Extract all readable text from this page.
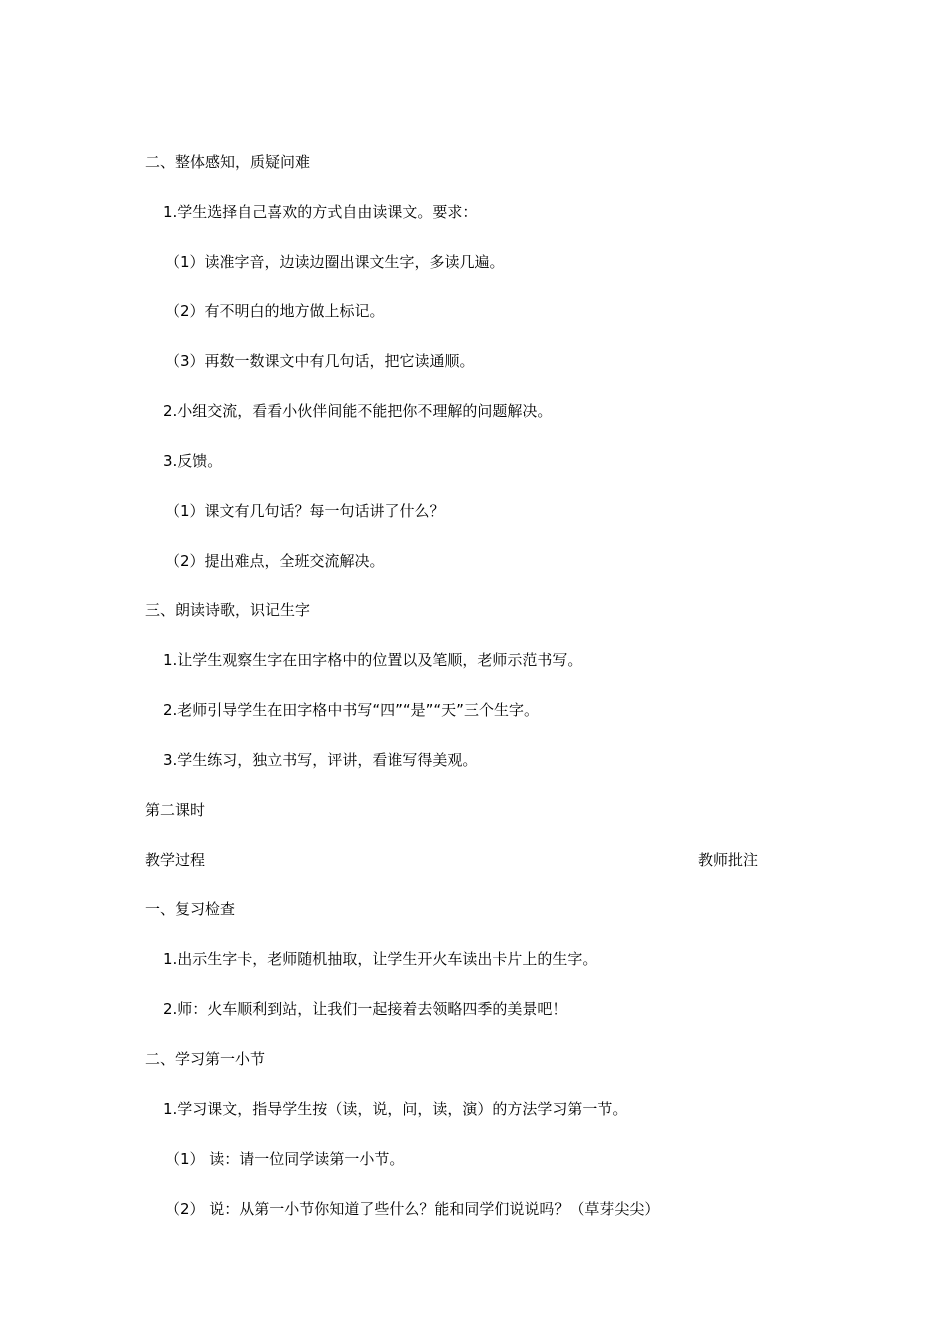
二、整体感知，质疑问难
1.学生选择自己喜欢的方式自由读课文。要求：
（1）读准字音，边读边圈出课文生字，多读几遍。
（2）有不明白的地方做上标记。
（3）再数一数课文中有几句话，把它读通顺。
2.小组交流，看看小伙伴间能不能把你不理解的问题解决。
3.反馈。
（1）课文有几句话？每一句话讲了什么？
（2）提出难点，全班交流解决。
三、朗读诗歌，识记生字
1.让学生观察生字在田字格中的位置以及笔顺，老师示范书写。
2.老师引导学生在田字格中书写“四”“是”“天”三个生字。
3.学生练习，独立书写，评讲，看谁写得美观。
第二课时
教学过程	教师批注
一、复习检查
1.出示生字卡，老师随机抽取，让学生开火车读出卡片上的生字。
2.师：火车顺利到站，让我们一起接着去领略四季的美景吧！
二、学习第一小节
1.学习课文，指导学生按（读，说，问，读，演）的方法学习第一节。
（1） 读：请一位同学读第一小节。
（2） 说：从第一小节你知道了些什么？能和同学们说说吗？（草芽尖尖）
